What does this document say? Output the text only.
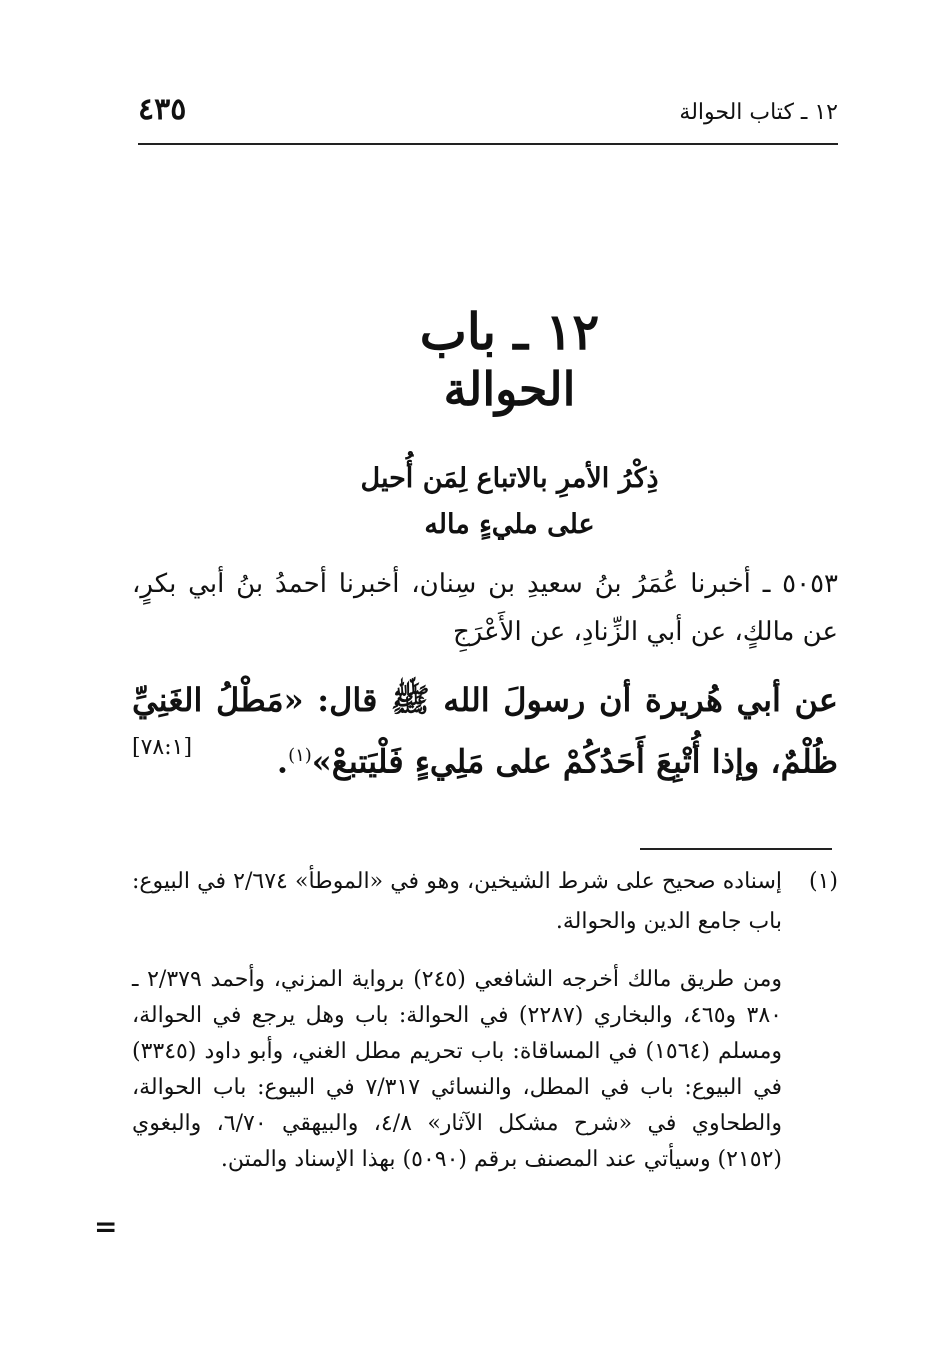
١٢ ـ كتاب الحوالة
٤٣٥
١٢ ـ باب
الحوالة
ذِكْرُ الأمرِ بالاتباع لِمَن أُحيل
على مليءٍ ماله
٥٠٥٣ ـ أخبرنا عُمَرُ بنُ سعيدِ بن سِنان، أخبرنا أحمدُ بنُ أبي بكرٍ، عن مالكٍ، عن أبي الزِّنادِ، عن الأَعْرَجِ
عن أبي هُريرة أن رسولَ الله ﷺ قال: «مَطْلُ الغَنِيِّ ظُلْمٌ، وإذا أُتْبِعَ أَحَدُكُمْ على مَلِيءٍ فَلْيَتبعْ»$^{(١)}$.
[٧٨:١]
(١)
إسناده صحيح على شرط الشيخين، وهو في «الموطأ» ٢/٦٧٤ في البيوع: باب جامع الدين والحوالة.
ومن طريق مالك أخرجه الشافعي (٢٤٥) برواية المزني، وأحمد ٢/٣٧٩ ـ ٣٨٠ و٤٦٥، والبخاري (٢٢٨٧) في الحوالة: باب وهل يرجع في الحوالة، ومسلم (١٥٦٤) في المساقاة: باب تحريم مطل الغني، وأبو داود (٣٣٤٥) في البيوع: باب في المطل، والنسائي ٧/٣١٧ في البيوع: باب الحوالة، والطحاوي في «شرح مشكل الآثار» ٤/٨، والبيهقي ٦/٧٠، والبغوي (٢١٥٢) وسيأتي عند المصنف برقم (٥٠٩٠) بهذا الإسناد والمتن.
=
